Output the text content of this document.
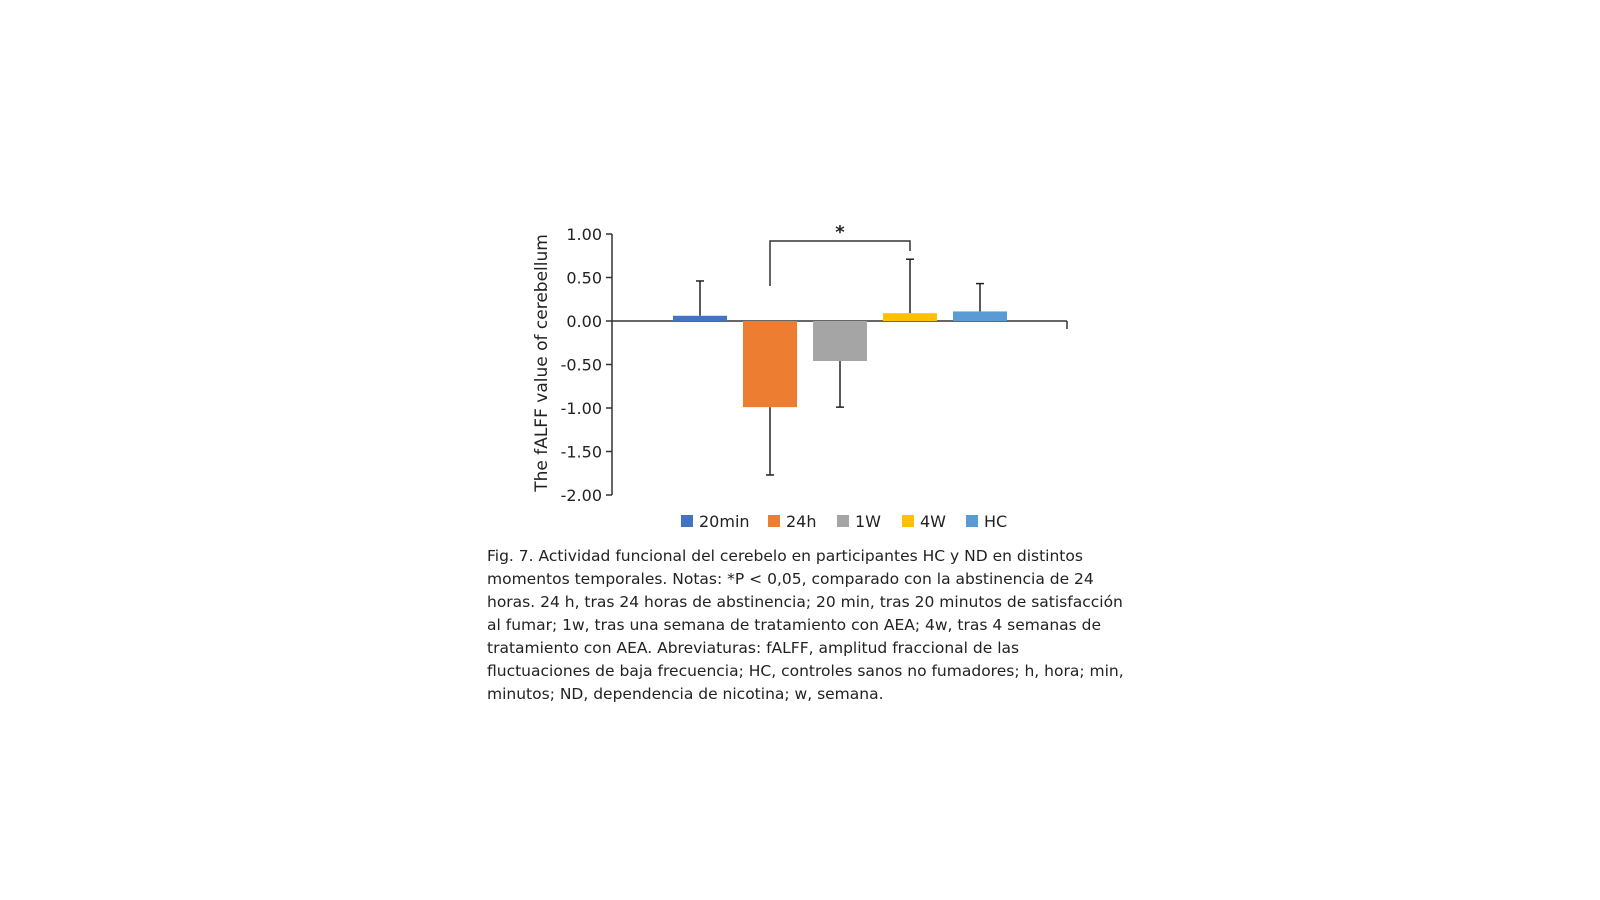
The fALFF value of cerebellum 1.00
0.50
0.00
-0.50
-1.00
-1.50
-2.00
*
20min 24h 1W 4W HC
Fig. 7. Actividad funcional del cerebelo en participantes HC y ND en distintos momentos temporales. Notas: *P < 0,05, comparado con la abstinencia de 24 horas. 24 h, tras 24 horas de abstinencia; 20 min, tras 20 minutos de satisfacción al fumar; 1w, tras una semana de tratamiento con AEA; 4w, tras 4 semanas de tratamiento con AEA. Abreviaturas: fALFF, amplitud fraccional de las fluctuaciones de baja frecuencia; HC, controles sanos no fumadores; h, hora; min, minutos; ND, dependencia de nicotina; w, semana.
